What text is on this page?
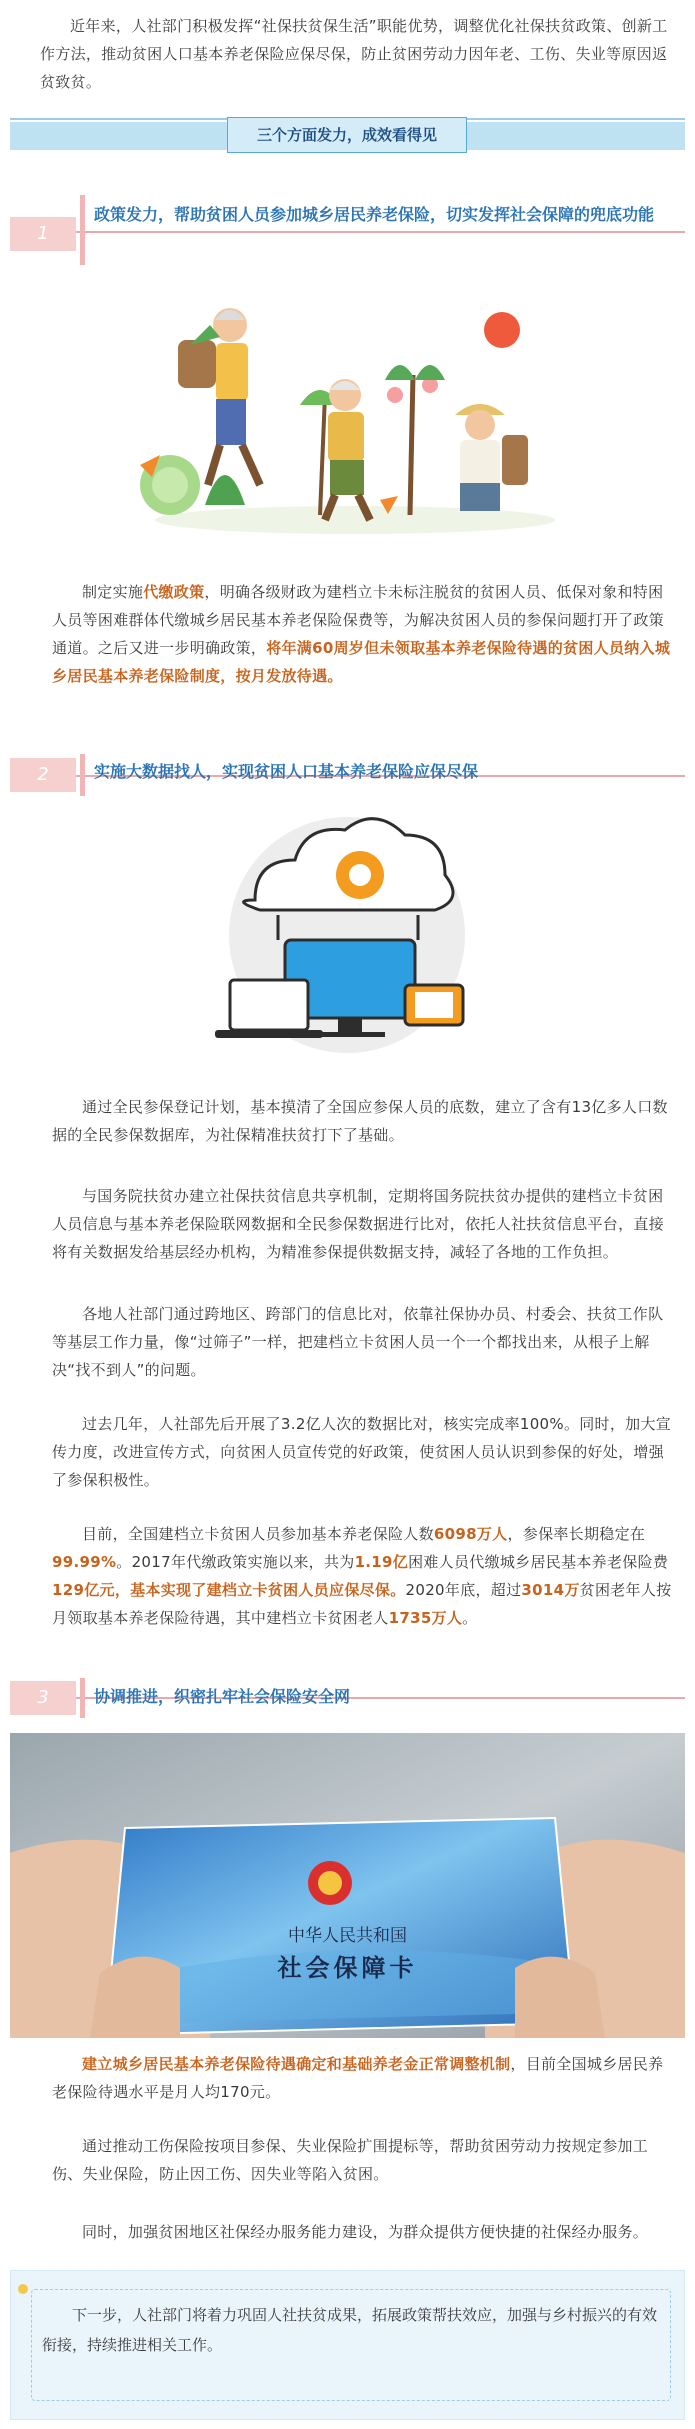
近年来，人社部门积极发挥“社保扶贫保生活”职能优势，调整优化社保扶贫政策、创新工作方法，推动贫困人口基本养老保险应保尽保，防止贫困劳动力因年老、工伤、失业等原因返贫致贫。

三个方面发力，成效看得见
1

政策发力，帮助贫困人员参加城乡居民养老保险，切实发挥社会保障的兜底功能

制定实施代缴政策，明确各级财政为建档立卡未标注脱贫的贫困人员、低保对象和特困人员等困难群体代缴城乡居民基本养老保险保费等，为解决贫困人员的参保问题打开了政策通道。之后又进一步明确政策，将年满60周岁但未领取基本养老保险待遇的贫困人员纳入城乡居民基本养老保险制度，按月发放待遇。

2	实施大数据找人，实现贫困人口基本养老保险应保尽保

通过全民参保登记计划，基本摸清了全国应参保人员的底数，建立了含有13亿多人口数据的全民参保数据库，为社保精准扶贫打下了基础。

与国务院扶贫办建立社保扶贫信息共享机制，定期将国务院扶贫办提供的建档立卡贫困人员信息与基本养老保险联网数据和全民参保数据进行比对，依托人社扶贫信息平台，直接将有关数据发给基层经办机构，为精准参保提供数据支持，减轻了各地的工作负担。

各地人社部门通过跨地区、跨部门的信息比对，依靠社保协办员、村委会、扶贫工作队等基层工作力量，像“过筛子”一样，把建档立卡贫困人员一个一个都找出来，从根子上解决“找不到人”的问题。

过去几年，人社部先后开展了3.2亿人次的数据比对，核实完成率100%。同时，加大宣传力度，改进宣传方式，向贫困人员宣传党的好政策，使贫困人员认识到参保的好处，增强了参保积极性。

目前，全国建档立卡贫困人员参加基本养老保险人数6098万人，参保率长期稳定在99.99%。2017年代缴政策实施以来，共为1.19亿困难人员代缴城乡居民基本养老保险费129亿元，基本实现了建档立卡贫困人员应保尽保。2020年底，超过3014万贫困老年人按月领取基本养老保险待遇，其中建档立卡贫困老人1735万人。

3	协调推进，织密扎牢社会保险安全网

中华人民共和国
社会保障卡

建立城乡居民基本养老保险待遇确定和基础养老金正常调整机制，目前全国城乡居民养老保险待遇水平是月人均170元。

通过推动工伤保险按项目参保、失业保险扩围提标等，帮助贫困劳动力按规定参加工伤、失业保险，防止因工伤、因失业等陷入贫困。

同时，加强贫困地区社保经办服务能力建设，为群众提供方便快捷的社保经办服务。

下一步，人社部门将着力巩固人社扶贫成果，拓展政策帮扶效应，加强与乡村振兴的有效衔接，持续推进相关工作。
